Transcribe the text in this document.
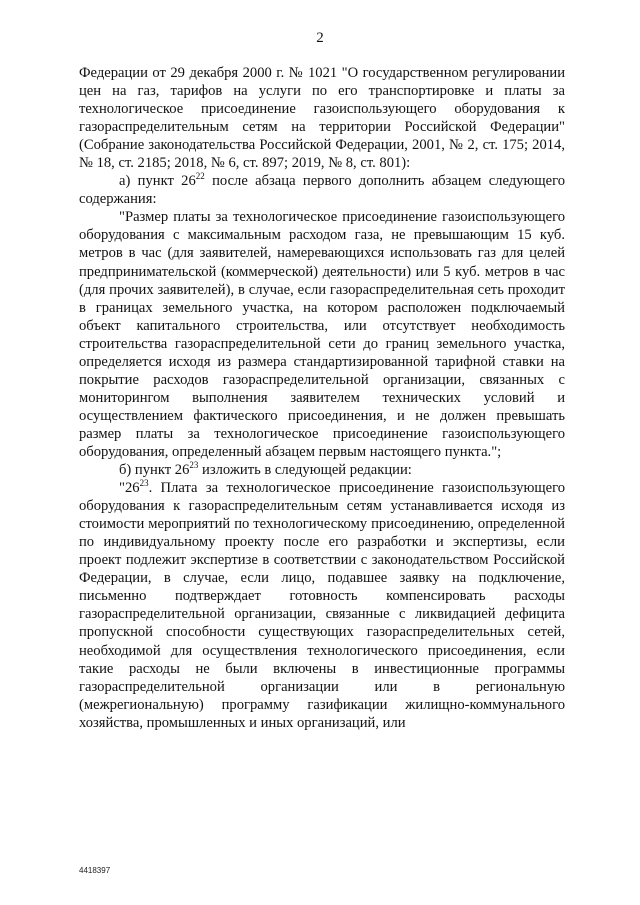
2

Федерации от 29 декабря 2000 г. № 1021 "О государственном регулировании цен на газ, тарифов на услуги по его транспортировке и платы за технологическое присоединение газоиспользующего оборудования к газораспределительным сетям на территории Российской Федерации" (Собрание законодательства Российской Федерации, 2001, № 2, ст. 175; 2014, № 18, ст. 2185; 2018, № 6, ст. 897; 2019, № 8, ст. 801):

а) пункт $26^{22}$ после абзаца первого дополнить абзацем следующего содержания:

"Размер платы за технологическое присоединение газоиспользующего оборудования с максимальным расходом газа, не превышающим 15 куб. метров в час (для заявителей, намеревающихся использовать газ для целей предпринимательской (коммерческой) деятельности) или 5 куб. метров в час (для прочих заявителей), в случае, если газораспределительная сеть проходит в границах земельного участка, на котором расположен подключаемый объект капитального строительства, или отсутствует необходимость строительства газораспределительной сети до границ земельного участка, определяется исходя из размера стандартизированной тарифной ставки на покрытие расходов газораспределительной организации, связанных с мониторингом выполнения заявителем технических условий и осуществлением фактического присоединения, и не должен превышать размер платы за технологическое присоединение газоиспользующего оборудования, определенный абзацем первым настоящего пункта.";

б) пункт $26^{23}$ изложить в следующей редакции:

"$26^{23}$. Плата за технологическое присоединение газоиспользующего оборудования к газораспределительным сетям устанавливается исходя из стоимости мероприятий по технологическому присоединению, определенной по индивидуальному проекту после его разработки и экспертизы, если проект подлежит экспертизе в соответствии с законодательством Российской Федерации, в случае, если лицо, подавшее заявку на подключение, письменно подтверждает готовность компенсировать расходы газораспределительной организации, связанные с ликвидацией дефицита пропускной способности существующих газораспределительных сетей, необходимой для осуществления технологического присоединения, если такие расходы не были включены в инвестиционные программы газораспределительной организации или в региональную (межрегиональную) программу газификации жилищно-коммунального хозяйства, промышленных и иных организаций, или

4418397
